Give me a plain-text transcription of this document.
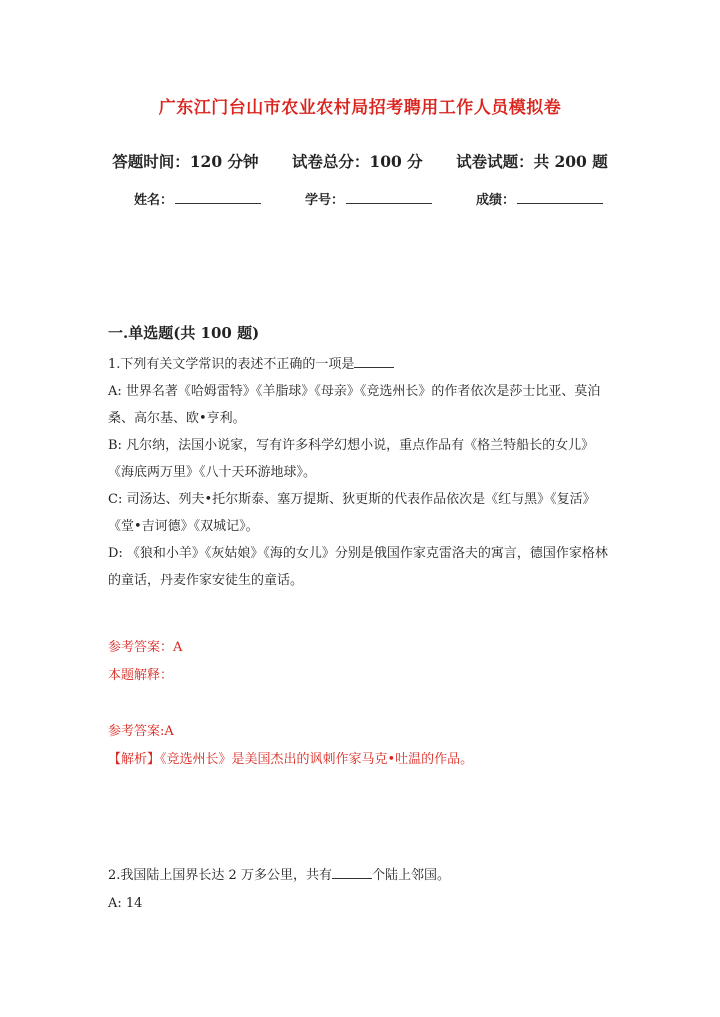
广东江门台山市农业农村局招考聘用工作人员模拟卷
答题时间：120 分钟 试卷总分：100 分 试卷试题：共 200 题
姓名：	学号：	成绩：
一.单选题(共 100 题)
1.下列有关文学常识的表述不正确的一项是
A: 世界名著《哈姆雷特》《羊脂球》《母亲》《竞选州长》的作者依次是莎士比亚、莫泊桑、高尔基、欧•亨利。
B: 凡尔纳，法国小说家，写有许多科学幻想小说，重点作品有《格兰特船长的女儿》《海底两万里》《八十天环游地球》。
C: 司汤达、列夫•托尔斯泰、塞万提斯、狄更斯的代表作品依次是《红与黑》《复活》《堂•吉诃德》《双城记》。
D: 《狼和小羊》《灰姑娘》《海的女儿》分别是俄国作家克雷洛夫的寓言，德国作家格林的童话，丹麦作家安徒生的童话。
参考答案：A
本题解释：
参考答案:A
【解析】《竞选州长》是美国杰出的讽刺作家马克•吐温的作品。
2.我国陆上国界长达 2 万多公里，共有	个陆上邻国。
A: 14
